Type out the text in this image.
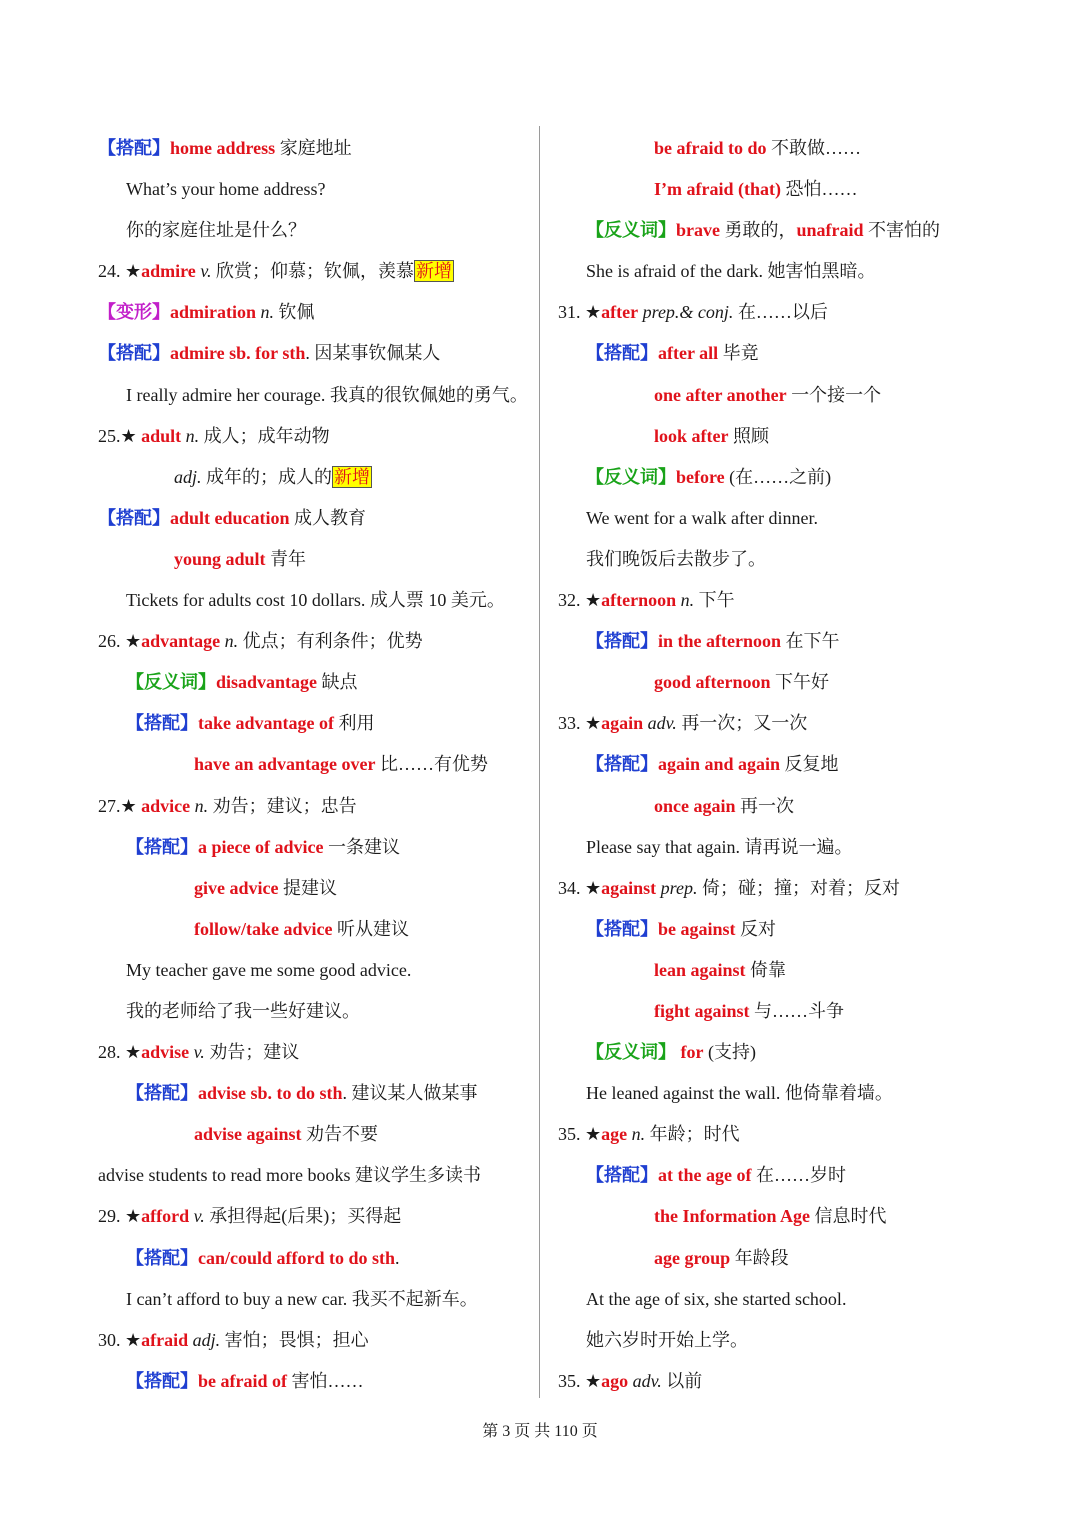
【搭配】home address 家庭地址
What’s your home address?
你的家庭住址是什么？
24. ★admire v. 欣赏；仰慕；钦佩，羡慕 新增
【变形】admiration n. 钦佩
【搭配】admire sb. for sth. 因某事钦佩某人
I really admire her courage. 我真的很钦佩她的勇气。
25.★ adult n. 成人；成年动物
adj. 成年的；成人的 新增
【搭配】adult education 成人教育
young adult 青年
Tickets for adults cost 10 dollars. 成人票 10 美元。
26. ★advantage n. 优点；有利条件；优势
【反义词】disadvantage 缺点
【搭配】take advantage of 利用
have an advantage over 比……有优势
27.★ advice n. 劝告；建议；忠告
【搭配】a piece of advice 一条建议
give advice 提建议
follow/take advice 听从建议
My teacher gave me some good advice.
我的老师给了我一些好建议。
28. ★advise v. 劝告；建议
【搭配】advise sb. to do sth. 建议某人做某事
advise against 劝告不要
advise students to read more books 建议学生多读书
29. ★afford v. 承担得起(后果)；买得起
【搭配】can/could afford to do sth.
I can’t afford to buy a new car. 我买不起新车。
30. ★afraid adj. 害怕；畏惧；担心
【搭配】be afraid of 害怕……
be afraid to do 不敢做……
I’m afraid (that) 恐怕……
【反义词】brave 勇敢的，unafraid 不害怕的
She is afraid of the dark. 她害怕黑暗。
31. ★after prep.& conj. 在……以后
【搭配】after all 毕竟
one after another 一个接一个
look after 照顾
【反义词】before (在……之前)
We went for a walk after dinner.
我们晚饭后去散步了。
32. ★afternoon n. 下午
【搭配】in the afternoon 在下午
good afternoon 下午好
33. ★again adv. 再一次；又一次
【搭配】again and again 反复地
once again 再一次
Please say that again. 请再说一遍。
34. ★against prep. 倚；碰；撞；对着；反对
【搭配】be against 反对
lean against 倚靠
fight against 与……斗争
【反义词】 for (支持)
He leaned against the wall. 他倚靠着墙。
35. ★age n. 年龄；时代
【搭配】at the age of 在……岁时
the Information Age 信息时代
age group 年龄段
At the age of six, she started school.
她六岁时开始上学。
35. ★ago adv. 以前
第 3 页 共 110 页
